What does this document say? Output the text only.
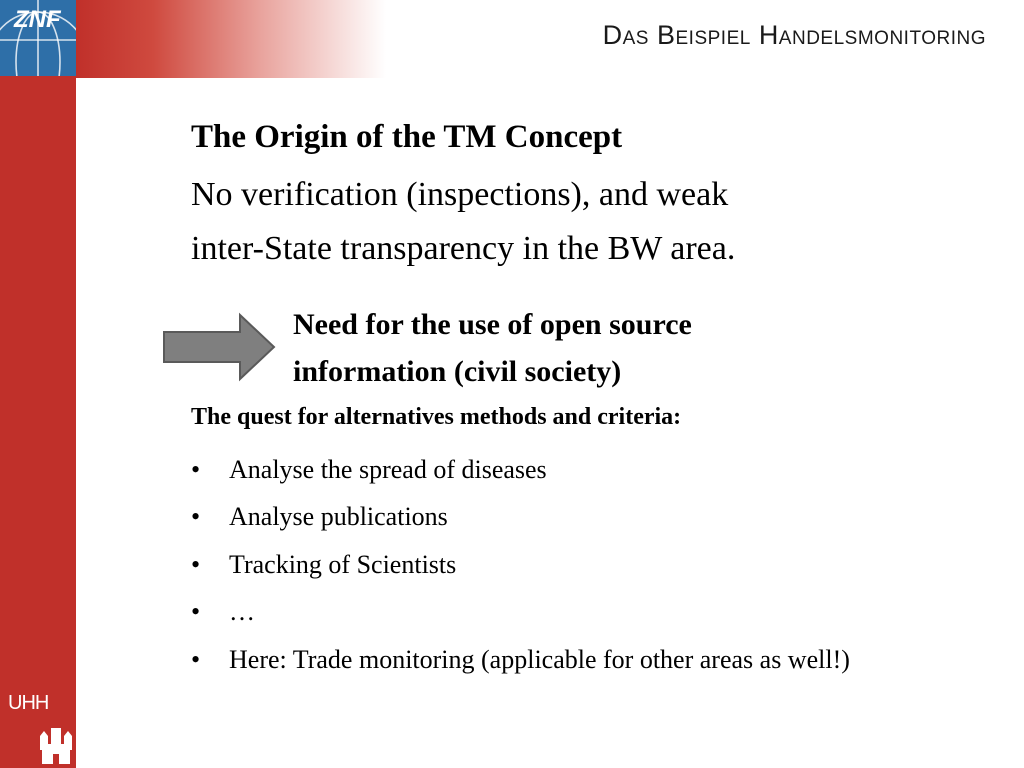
ZNF
Das Beispiel Handelsmonitoring
The Origin of the TM Concept

No verification (inspections), and weak
inter-State transparency in the BW area.

Need for the use of open source
information (civil society)
The quest for alternatives methods and criteria:
• Analyse the spread of diseases
• Analyse publications
• Tracking of Scientists
• …
• Here: Trade monitoring (applicable for other areas as well!)
UHH
